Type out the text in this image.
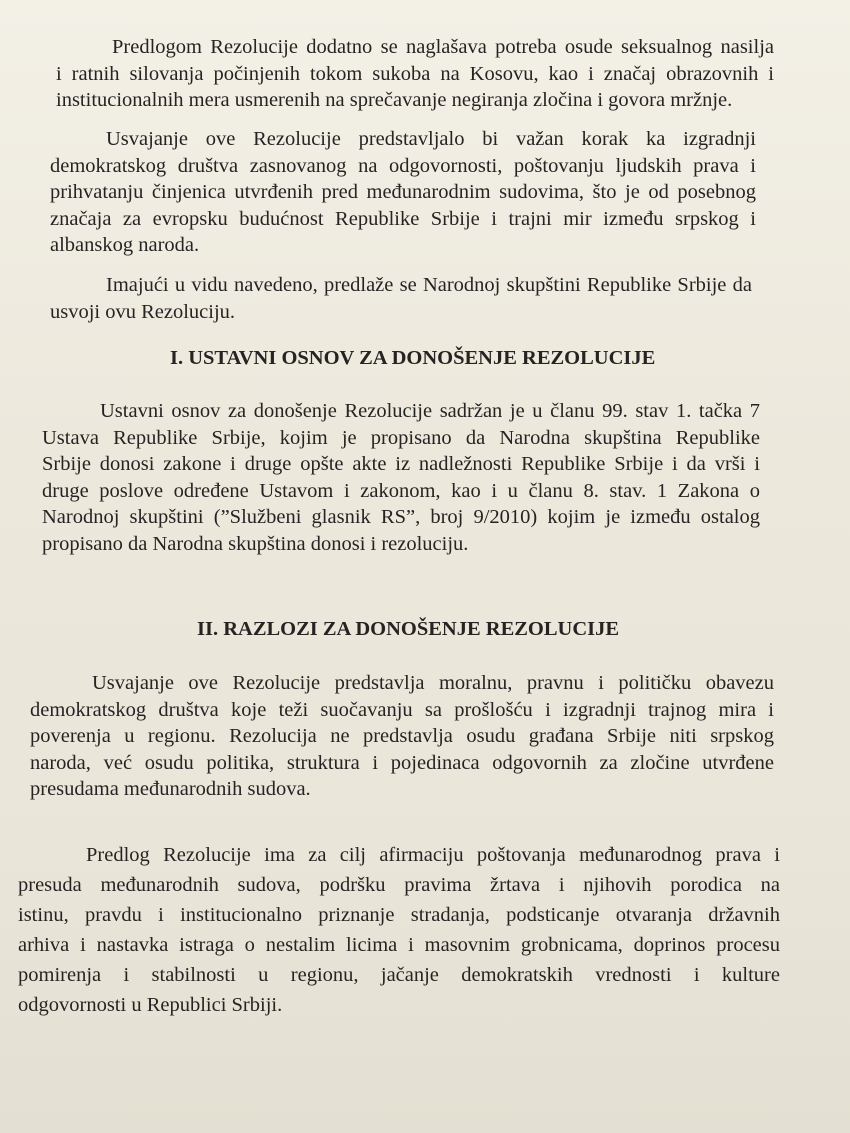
Predlogom Rezolucije dodatno se naglašava potreba osude seksualnog nasilja
i ratnih silovanja počinjenih tokom sukoba na Kosovu, kao i značaj obrazovnih i
institucionalnih mera usmerenih na sprečavanje negiranja zločina i govora mržnje.
Usvajanje ove Rezolucije predstavljalo bi važan korak ka izgradnji
demokratskog društva zasnovanog na odgovornosti, poštovanju ljudskih prava i
prihvatanju činjenica utvrđenih pred međunarodnim sudovima, što je od posebnog
značaja za evropsku budućnost Republike Srbije i trajni mir između srpskog i
albanskog naroda.
Imajući u vidu navedeno, predlaže se Narodnoj skupštini Republike Srbije da
usvoji ovu Rezoluciju.
I. USTAVNI OSNOV ZA DONOŠENJE REZOLUCIJE
Ustavni osnov za donošenje Rezolucije sadržan je u članu 99. stav 1. tačka 7
Ustava Republike Srbije, kojim je propisano da Narodna skupština Republike
Srbije donosi zakone i druge opšte akte iz nadležnosti Republike Srbije i da vrši i
druge poslove određene Ustavom i zakonom, kao i u članu 8. stav. 1 Zakona o
Narodnoj skupštini (”Službeni glasnik RS”, broj 9/2010) kojim je između ostalog
propisano da Narodna skupština donosi i rezoluciju.
II. RAZLOZI ZA DONOŠENJE REZOLUCIJE
Usvajanje ove Rezolucije predstavlja moralnu, pravnu i političku obavezu
demokratskog društva koje teži suočavanju sa prošlošću i izgradnji trajnog mira i
poverenja u regionu. Rezolucija ne predstavlja osudu građana Srbije niti srpskog
naroda, već osudu politika, struktura i pojedinaca odgovornih za zločine utvrđene
presudama međunarodnih sudova.
Predlog Rezolucije ima za cilj afirmaciju poštovanja međunarodnog prava i
presuda međunarodnih sudova, podršku pravima žrtava i njihovih porodica na
istinu, pravdu i institucionalno priznanje stradanja, podsticanje otvaranja državnih
arhiva i nastavka istraga o nestalim licima i masovnim grobnicama, doprinos procesu
pomirenja i stabilnosti u regionu, jačanje demokratskih vrednosti i kulture
odgovornosti u Republici Srbiji.
